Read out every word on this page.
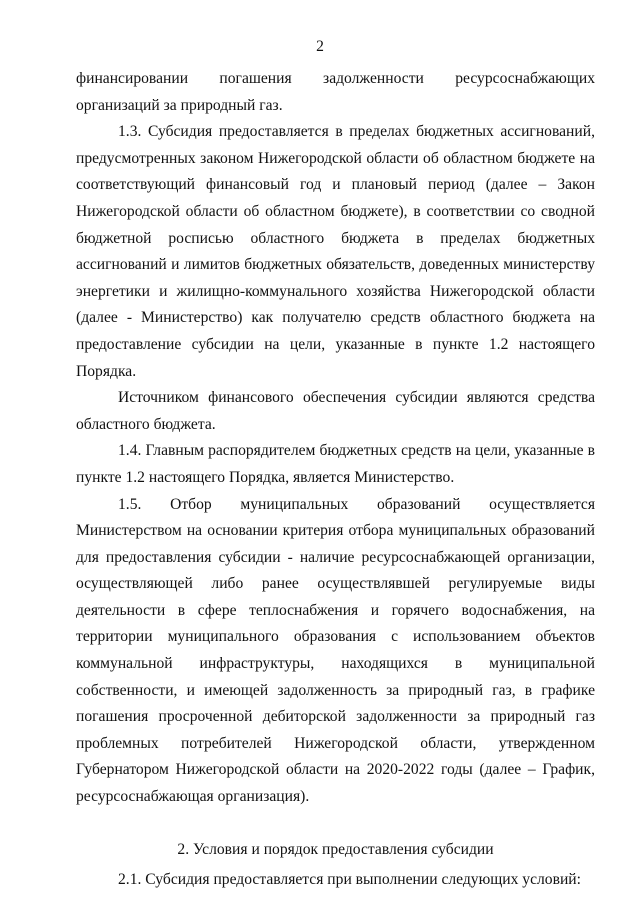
2

финансировании погашения задолженности ресурсоснабжающих организаций за природный газ.

1.3. Субсидия предоставляется в пределах бюджетных ассигнований, предусмотренных законом Нижегородской области об областном бюджете на соответствующий финансовый год и плановый период (далее – Закон Нижегородской области об областном бюджете), в соответствии со сводной бюджетной росписью областного бюджета в пределах бюджетных ассигнований и лимитов бюджетных обязательств, доведенных министерству энергетики и жилищно-коммунального хозяйства Нижегородской области (далее - Министерство) как получателю средств областного бюджета на предоставление субсидии на цели, указанные в пункте 1.2 настоящего Порядка.

Источником финансового обеспечения субсидии являются средства областного бюджета.

1.4. Главным распорядителем бюджетных средств на цели, указанные в пункте 1.2 настоящего Порядка, является Министерство.

1.5. Отбор муниципальных образований осуществляется Министерством на основании критерия отбора муниципальных образований для предоставления субсидии - наличие ресурсоснабжающей организации, осуществляющей либо ранее осуществлявшей регулируемые виды деятельности в сфере теплоснабжения и горячего водоснабжения, на территории муниципального образования с использованием объектов коммунальной инфраструктуры, находящихся в муниципальной собственности, и имеющей задолженность за природный газ, в графике погашения просроченной дебиторской задолженности за природный газ проблемных потребителей Нижегородской области, утвержденном Губернатором Нижегородской области на 2020-2022 годы (далее – График, ресурсоснабжающая организация).

2. Условия и порядок предоставления субсидии

2.1. Субсидия предоставляется при выполнении следующих условий:
